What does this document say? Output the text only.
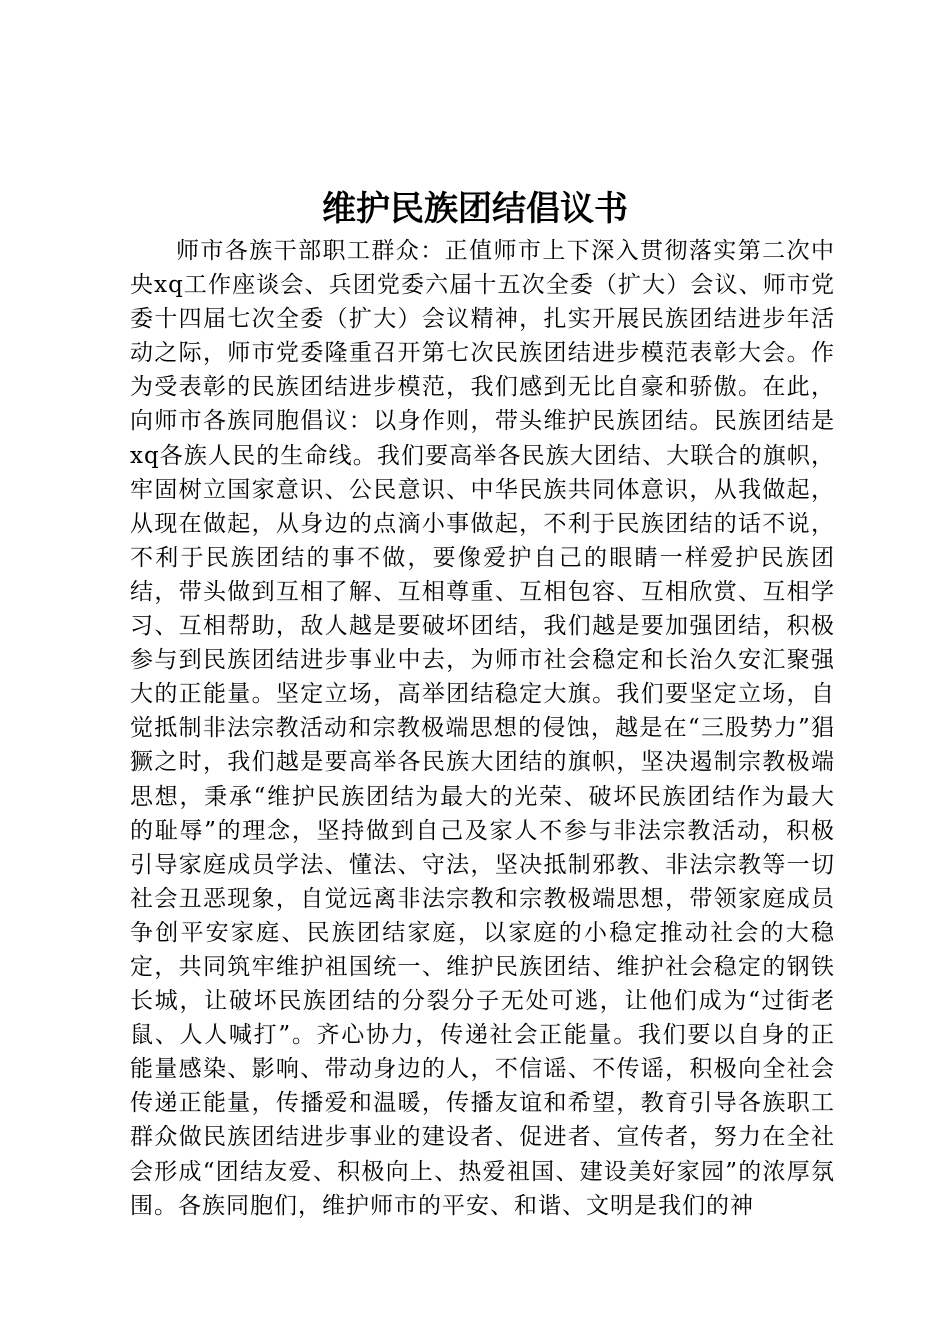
维护民族团结倡议书

师市各族干部职工群众：正值师市上下深入贯彻落实第二次中央xq工作座谈会、兵团党委六届十五次全委（扩大）会议、师市党委十四届七次全委（扩大）会议精神，扎实开展民族团结进步年活动之际，师市党委隆重召开第七次民族团结进步模范表彰大会。作为受表彰的民族团结进步模范，我们感到无比自豪和骄傲。在此，向师市各族同胞倡议：以身作则，带头维护民族团结。民族团结是xq各族人民的生命线。我们要高举各民族大团结、大联合的旗帜，牢固树立国家意识、公民意识、中华民族共同体意识，从我做起，从现在做起，从身边的点滴小事做起，不利于民族团结的话不说，不利于民族团结的事不做，要像爱护自己的眼睛一样爱护民族团结，带头做到互相了解、互相尊重、互相包容、互相欣赏、互相学习、互相帮助，敌人越是要破坏团结，我们越是要加强团结，积极参与到民族团结进步事业中去，为师市社会稳定和长治久安汇聚强大的正能量。坚定立场，高举团结稳定大旗。我们要坚定立场，自觉抵制非法宗教活动和宗教极端思想的侵蚀，越是在“三股势力”猖獗之时，我们越是要高举各民族大团结的旗帜，坚决遏制宗教极端思想，秉承“维护民族团结为最大的光荣、破坏民族团结作为最大的耻辱”的理念，坚持做到自己及家人不参与非法宗教活动，积极引导家庭成员学法、懂法、守法，坚决抵制邪教、非法宗教等一切社会丑恶现象，自觉远离非法宗教和宗教极端思想，带领家庭成员争创平安家庭、民族团结家庭，以家庭的小稳定推动社会的大稳定，共同筑牢维护祖国统一、维护民族团结、维护社会稳定的钢铁长城，让破坏民族团结的分裂分子无处可逃，让他们成为“过街老鼠、人人喊打”。齐心协力，传递社会正能量。我们要以自身的正能量感染、影响、带动身边的人，不信谣、不传谣，积极向全社会传递正能量，传播爱和温暖，传播友谊和希望，教育引导各族职工群众做民族团结进步事业的建设者、促进者、宣传者，努力在全社会形成“团结友爱、积极向上、热爱祖国、建设美好家园”的浓厚氛围。各族同胞们，维护师市的平安、和谐、文明是我们的神
